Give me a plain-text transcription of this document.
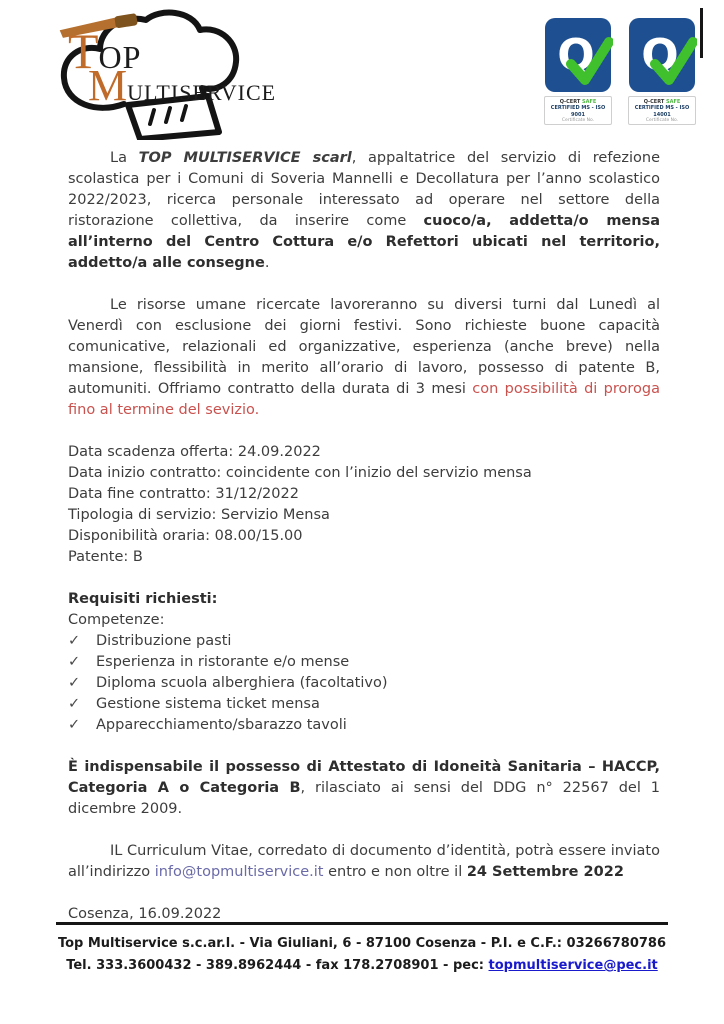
TOP
MULTISERVICE
Q
Q-CERT SAFE
CERTIFIED MS - ISO 9001
Certificate No.
Q
Q-CERT SAFE
CERTIFIED MS - ISO 14001
Certificate No.

La TOP MULTISERVICE scarl, appaltatrice del servizio di refezione scolastica per i Comuni di Soveria Mannelli e Decollatura per l’anno scolastico 2022/2023, ricerca personale interessato ad operare nel settore della ristorazione collettiva, da inserire come cuoco/a, addetta/o mensa all’interno del Centro Cottura e/o Refettori ubicati nel territorio, addetto/a alle consegne.

Le risorse umane ricercate lavoreranno su diversi turni dal Lunedì al Venerdì con esclusione dei giorni festivi. Sono richieste buone capacità comunicative, relazionali ed organizzative, esperienza (anche breve) nella mansione, flessibilità in merito all’orario di lavoro, possesso di patente B, automuniti. Offriamo contratto della durata di 3 mesi con possibilità di proroga fino al termine del sevizio.

Data scadenza offerta: 24.09.2022
Data inizio contratto: coincidente con l’inizio del servizio mensa
Data fine contratto: 31/12/2022
Tipologia di servizio: Servizio Mensa
Disponibilità oraria: 08.00/15.00
Patente: B
Requisiti richiesti:
Competenze:
✓	Distribuzione pasti
✓	Esperienza in ristorante e/o mense
✓	Diploma scuola alberghiera (facoltativo)
✓	Gestione sistema ticket mensa
✓	Apparecchiamento/sbarazzo tavoli

È indispensabile il possesso di Attestato di Idoneità Sanitaria – HACCP, Categoria A o Categoria B, rilasciato ai sensi del DDG n° 22567 del 1 dicembre 2009.

IL Curriculum Vitae, corredato di documento d’identità, potrà essere inviato all’indirizzo info@topmultiservice.it entro e non oltre il 24 Settembre 2022

Cosenza, 16.09.2022

Top Multiservice s.c.ar.l. - Via Giuliani, 6 - 87100 Cosenza - P.I. e C.F.: 03266780786
Tel. 333.3600432 - 389.8962444 - fax 178.2708901 - pec: topmultiservice@pec.it
